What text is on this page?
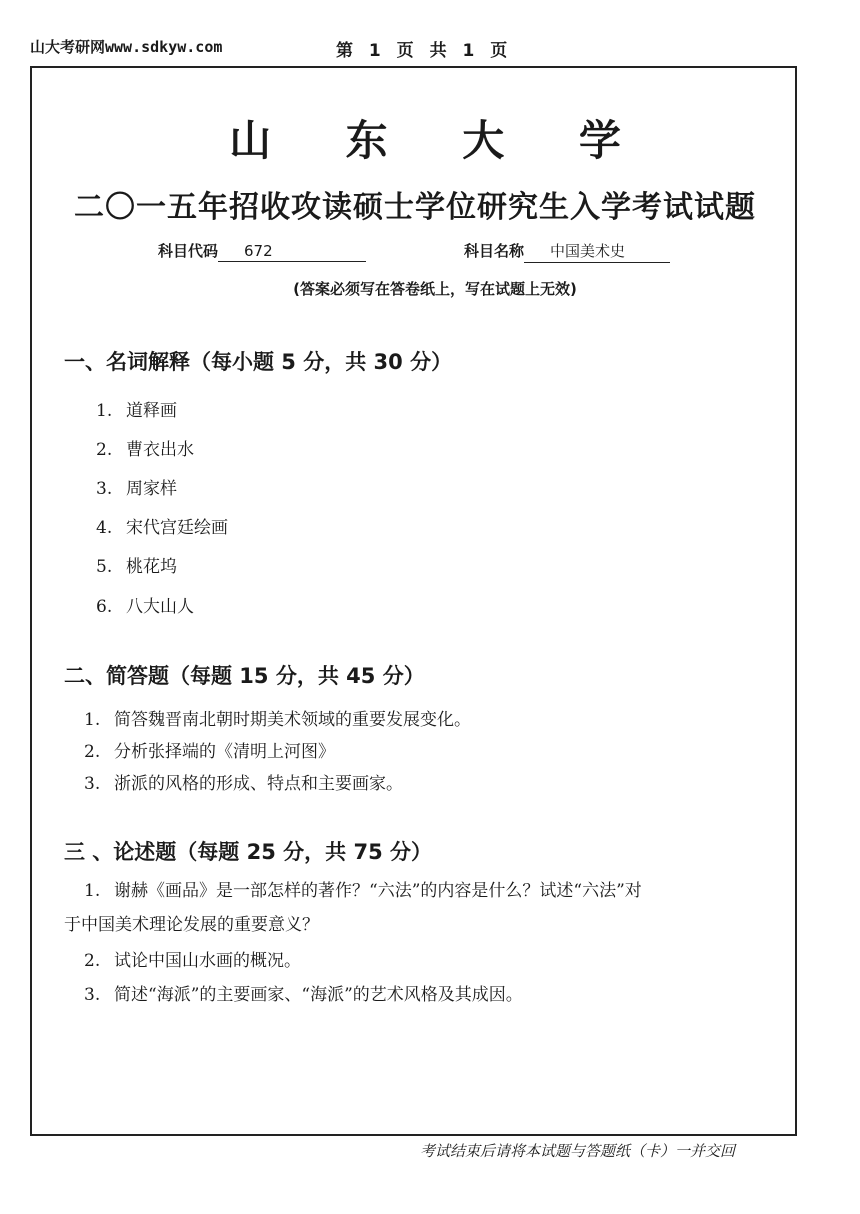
山大考研网www.sdkyw.com	第 1 页 共 1 页
山 东 大 学
二〇一五年招收攻读硕士学位研究生入学考试试题
科目代码 672	科目名称 中国美术史
(答案必须写在答卷纸上，写在试题上无效)
一、名词解释（每小题 5 分，共 30 分）
1. 道释画
2. 曹衣出水
3. 周家样
4. 宋代宫廷绘画
5. 桃花坞
6. 八大山人
二、简答题（每题 15 分，共 45 分）
1. 简答魏晋南北朝时期美术领域的重要发展变化。
2. 分析张择端的《清明上河图》
3. 浙派的风格的形成、特点和主要画家。
三 、论述题（每题 25 分，共 75 分）
1. 谢赫《画品》是一部怎样的著作？“六法”的内容是什么？试述“六法”对
于中国美术理论发展的重要意义？
2. 试论中国山水画的概况。
3. 简述“海派”的主要画家、“海派”的艺术风格及其成因。
考试结束后请将本试题与答题纸（卡）一并交回
